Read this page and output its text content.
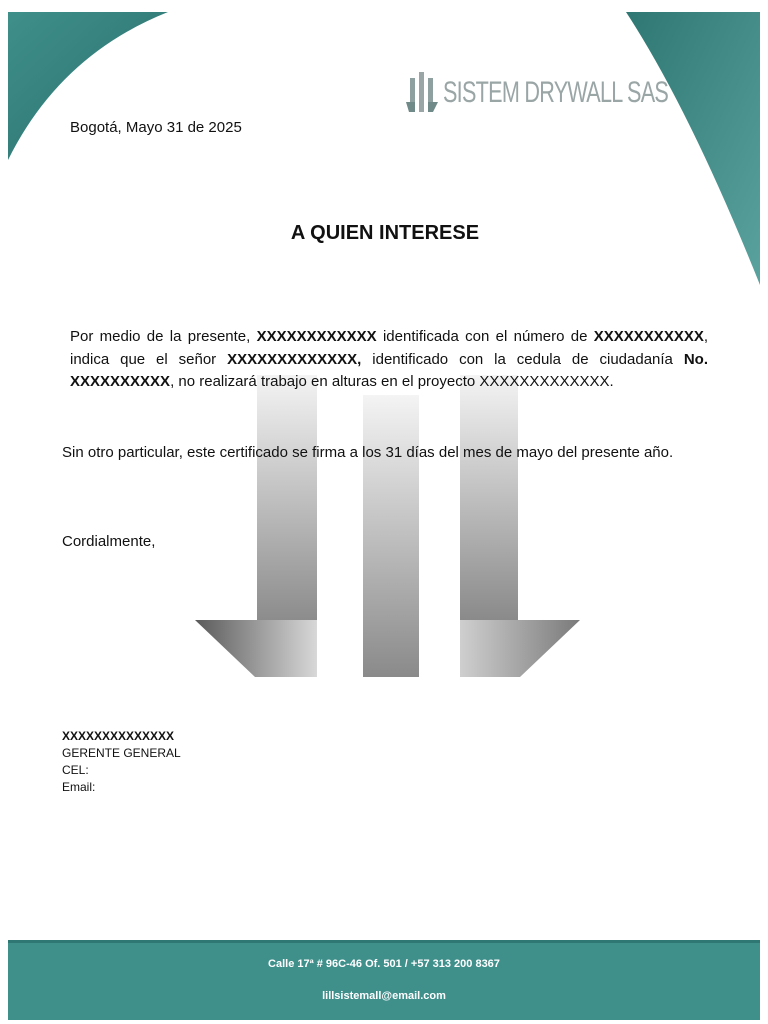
SISTEM DRYWALL SAS
Bogotá, Mayo 31 de 2025
A QUIEN INTERESE
Por medio de la presente, XXXXXXXXXXXX identificada con el número de XXXXXXXXXXX, indica que el señor XXXXXXXXXXXXX, identificado con la cedula de ciudadanía No. XXXXXXXXXX, no realizará trabajo en alturas en el proyecto XXXXXXXXXXXXX.
Sin otro particular, este certificado se firma a los 31 días del mes de mayo del presente año.
Cordialmente,
XXXXXXXXXXXXXX
GERENTE GENERAL
CEL:
Email:
Calle 17ª # 96C-46 Of. 501 / +57 313 200 8367
lillsistemall@email.com
